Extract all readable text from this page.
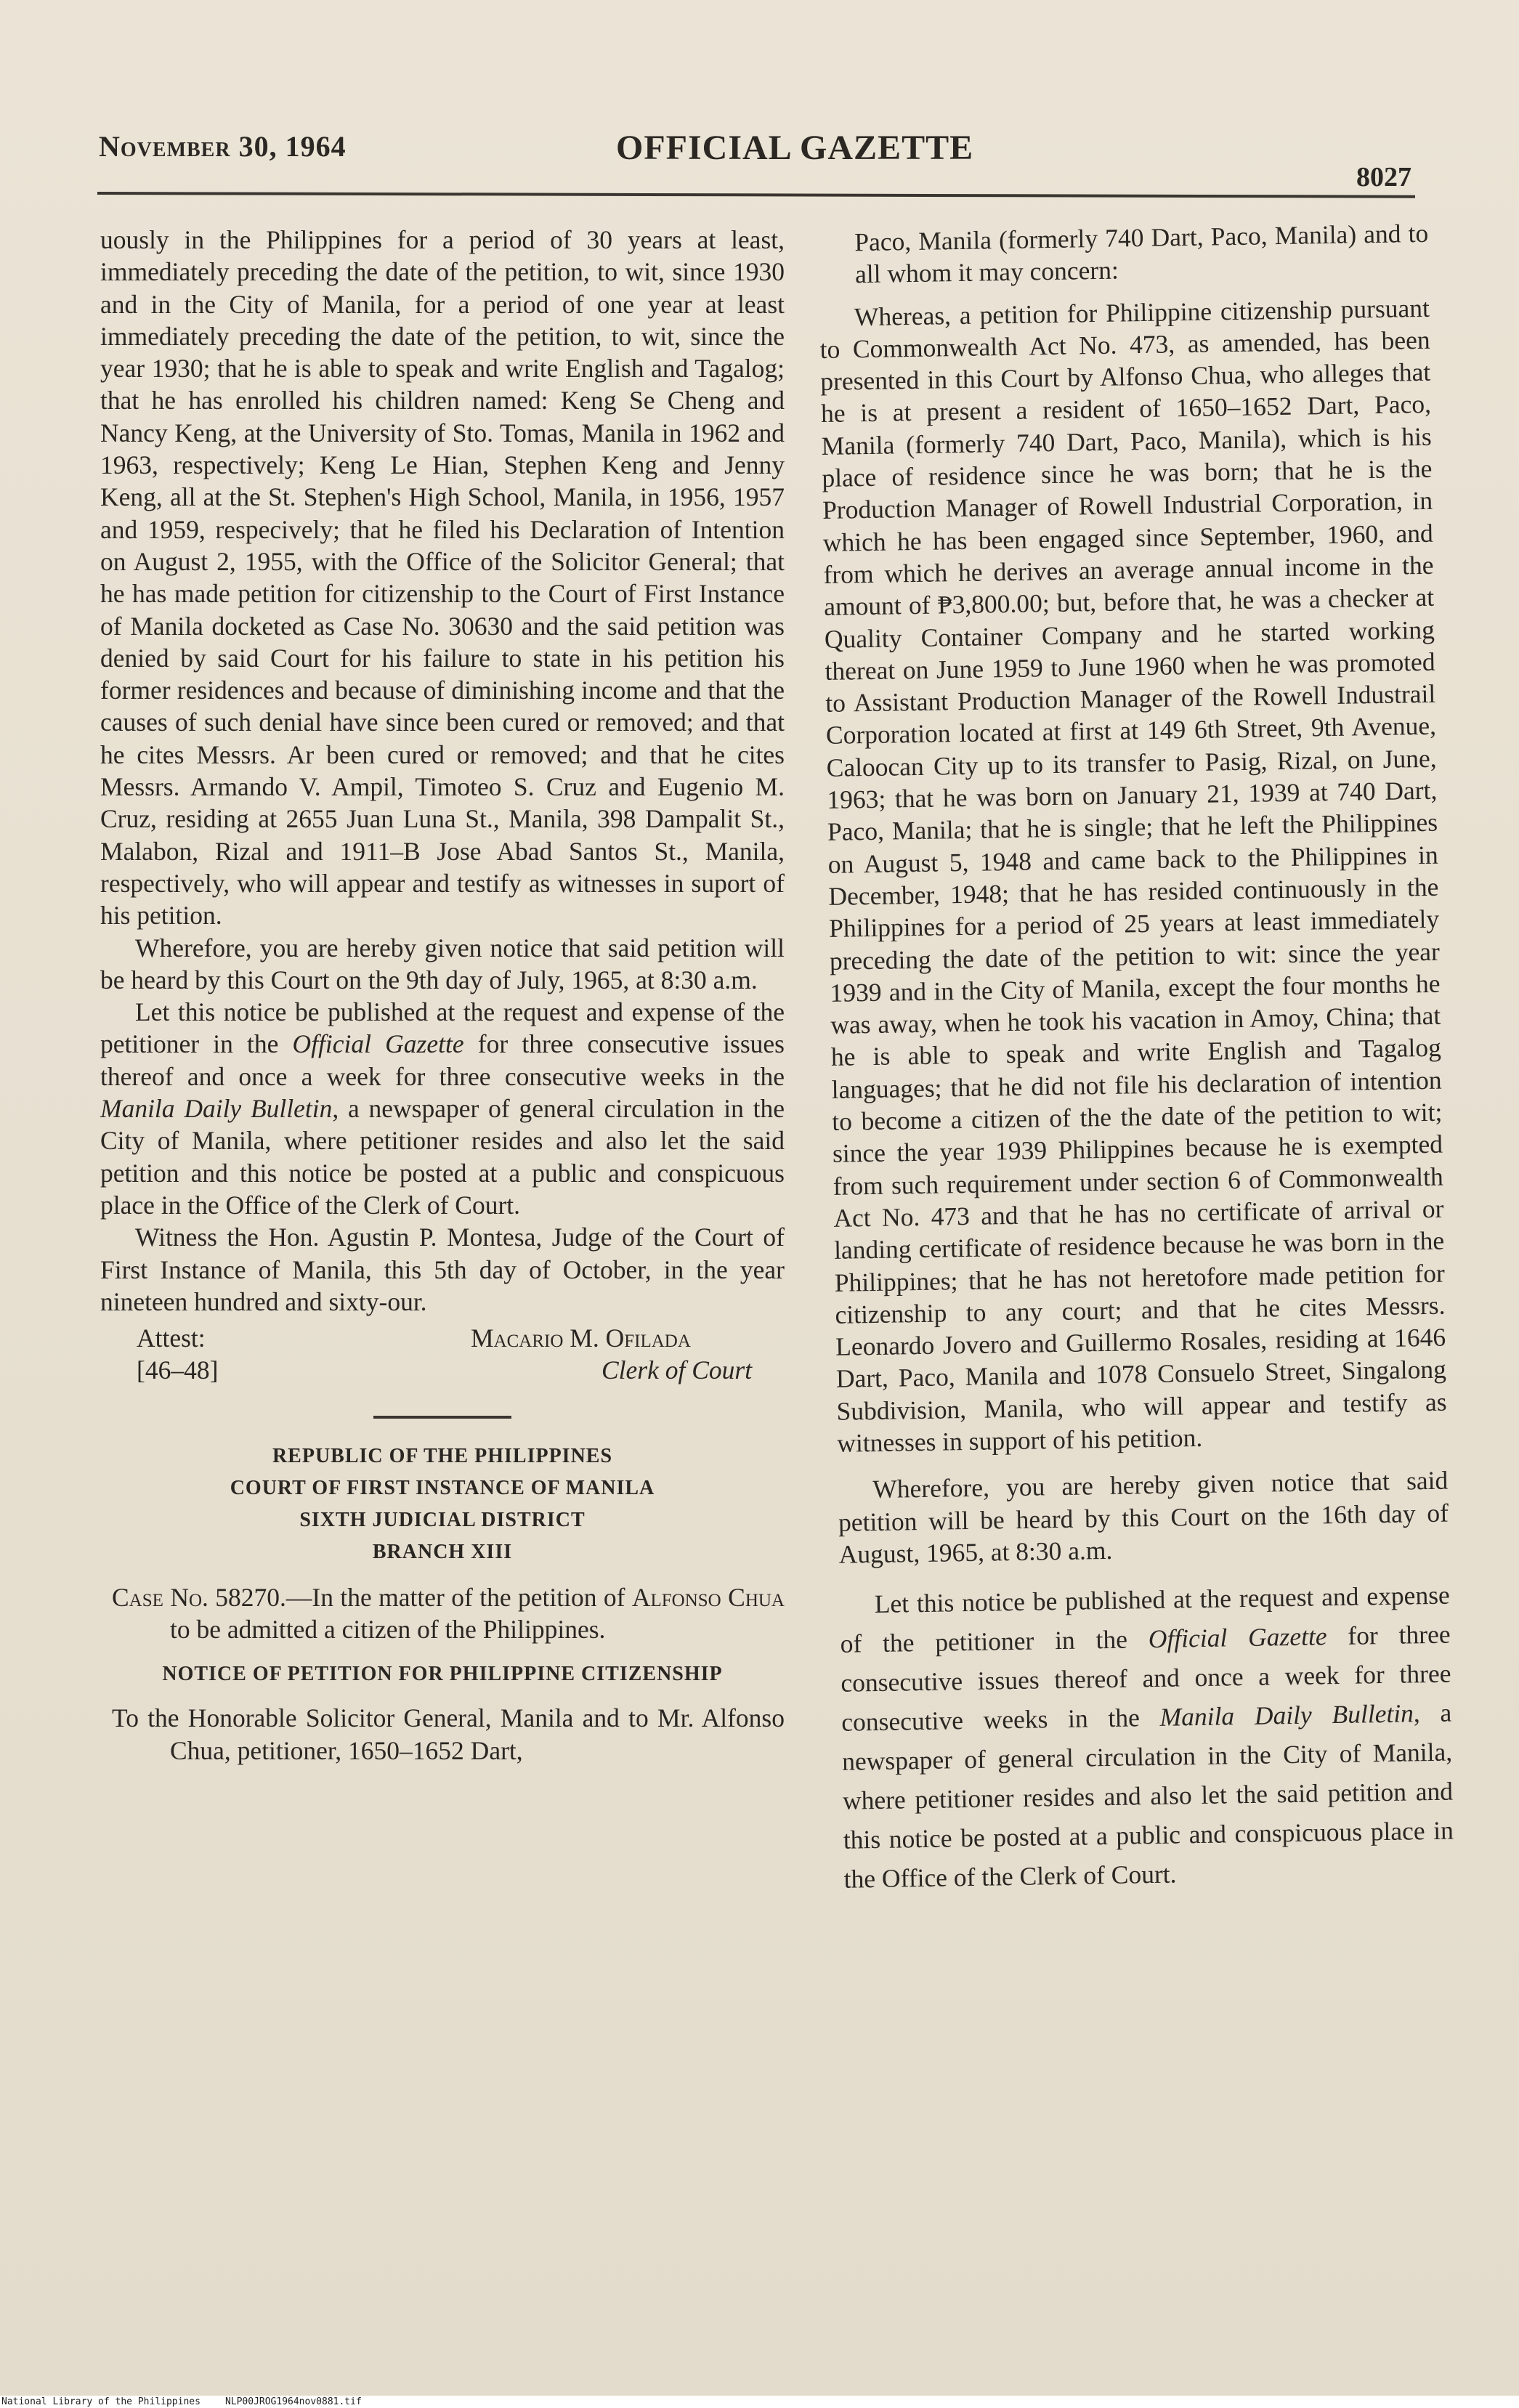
November 30, 1964	OFFICIAL GAZETTE
8027

uously in the Philippines for a period of 30 years at least, immediately preceding the date of the petition, to wit, since 1930 and in the City of Manila, for a period of one year at least immediately preceding the date of the petition, to wit, since the year 1930; that he is able to speak and write English and Tagalog; that he has enrolled his children named: Keng Se Cheng and Nancy Keng, at the University of Sto. Tomas, Manila in 1962 and 1963, respectively; Keng Le Hian, Stephen Keng and Jenny Keng, all at the St. Stephen's High School, Manila, in 1956, 1957 and 1959, respecively; that he filed his Declaration of Intention on August 2, 1955, with the Office of the Solicitor General; that he has made petition for citizenship to the Court of First Instance of Manila docketed as Case No. 30630 and the said petition was denied by said Court for his failure to state in his petition his former residences and because of diminishing income and that the causes of such denial have since been cured or removed; and that he cites Messrs. Ar been cured or removed; and that he cites Messrs. Armando V. Ampil, Timoteo S. Cruz and Eugenio M. Cruz, residing at 2655 Juan Luna St., Manila, 398 Dampalit St., Malabon, Rizal and 1911–B Jose Abad Santos St., Manila, respectively, who will appear and testify as witnesses in suport of his petition.

Wherefore, you are hereby given notice that said petition will be heard by this Court on the 9th day of July, 1965, at 8:30 a.m.

Let this notice be published at the request and expense of the petitioner in the Official Gazette for three consecutive issues thereof and once a week for three consecutive weeks in the Manila Daily Bulletin, a newspaper of general circulation in the City of Manila, where petitioner resides and also let the said petition and this notice be posted at a public and conspicuous place in the Office of the Clerk of Court.

Witness the Hon. Agustin P. Montesa, Judge of the Court of First Instance of Manila, this 5th day of October, in the year nineteen hundred and sixty-our.

Attest:
[46–48]
Macario M. Ofilada
Clerk of Court
REPUBLIC OF THE PHILIPPINES
COURT OF FIRST INSTANCE OF MANILA
SIXTH JUDICIAL DISTRICT
BRANCH XIII

Case No. 58270.—In the matter of the petition of Alfonso Chua to be admitted a citizen of the Philippines.

NOTICE OF PETITION FOR PHILIPPINE CITIZENSHIP

To the Honorable Solicitor General, Manila and to Mr. Alfonso Chua, petitioner, 1650–1652 Dart,

Paco, Manila (formerly 740 Dart, Paco, Manila) and to all whom it may concern:

Whereas, a petition for Philippine citizenship pursuant to Commonwealth Act No. 473, as amended, has been presented in this Court by Alfonso Chua, who alleges that he is at present a resident of 1650–1652 Dart, Paco, Manila (formerly 740 Dart, Paco, Manila), which is his place of residence since he was born; that he is the Production Manager of Rowell Industrial Corporation, in which he has been engaged since September, 1960, and from which he derives an average annual income in the amount of ₱3,800.00; but, before that, he was a checker at Quality Container Company and he started working thereat on June 1959 to June 1960 when he was promoted to Assistant Production Manager of the Rowell Industrail Corporation located at first at 149 6th Street, 9th Avenue, Caloocan City up to its transfer to Pasig, Rizal, on June, 1963; that he was born on January 21, 1939 at 740 Dart, Paco, Manila; that he is single; that he left the Philippines on August 5, 1948 and came back to the Philippines in December, 1948; that he has resided continuously in the Philippines for a period of 25 years at least immediately preceding the date of the petition to wit: since the year 1939 and in the City of Manila, except the four months he was away, when he took his vacation in Amoy, China; that he is able to speak and write English and Tagalog languages; that he did not file his declaration of intention to become a citizen of the the date of the petition to wit; since the year 1939 Philippines because he is exempted from such requirement under section 6 of Commonwealth Act No. 473 and that he has no certificate of arrival or landing certificate of residence because he was born in the Philippines; that he has not heretofore made petition for citizenship to any court; and that he cites Messrs. Leonardo Jovero and Guillermo Rosales, residing at 1646 Dart, Paco, Manila and 1078 Consuelo Street, Singalong Subdivision, Manila, who will appear and testify as witnesses in support of his petition.

Wherefore, you are hereby given notice that said petition will be heard by this Court on the 16th day of August, 1965, at 8:30 a.m.

Let this notice be published at the request and expense of the petitioner in the Official Gazette for three consecutive issues thereof and once a week for three consecutive weeks in the Manila Daily Bulletin, a newspaper of general circulation in the City of Manila, where petitioner resides and also let the said petition and this notice be posted at a public and conspicuous place in the Office of the Clerk of Court.

National Library of the Philippines	NLP00JROG1964nov0881.tif
